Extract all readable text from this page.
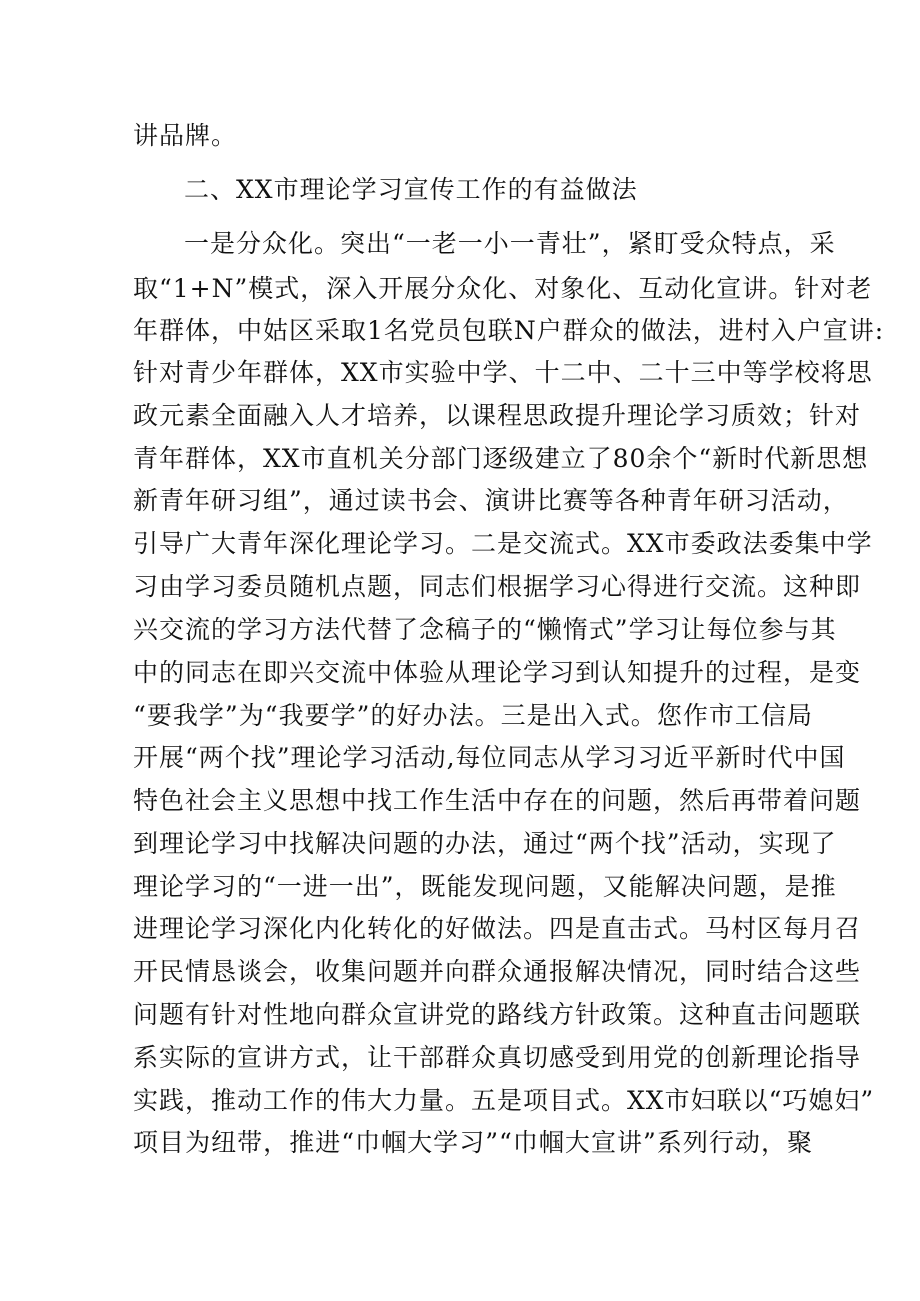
讲品牌。
二、XX市理论学习宣传工作的有益做法
一是分众化。突出“一老一小一青壮”，紧盯受众特点，采
取“1+N”模式，深入开展分众化、对象化、互动化宣讲。针对老
年群体，中姑区采取1名党员包联N户群众的做法，进村入户宣讲:
针对青少年群体，XX市实验中学、十二中、二十三中等学校将思
政元素全面融入人才培养，以课程思政提升理论学习质效；针对
青年群体，XX市直机关分部门逐级建立了80余个“新时代新思想
新青年研习组”，通过读书会、演讲比赛等各种青年研习活动，
引导广大青年深化理论学习。二是交流式。XX市委政法委集中学
习由学习委员随机点题，同志们根据学习心得进行交流。这种即
兴交流的学习方法代替了念稿子的“懒惰式”学习让每位参与其
中的同志在即兴交流中体验从理论学习到认知提升的过程，是变
“要我学”为“我要学”的好办法。三是出入式。您作市工信局
开展“两个找”理论学习活动,每位同志从学习习近平新时代中国
特色社会主义思想中找工作生活中存在的问题，然后再带着问题
到理论学习中找解决问题的办法，通过“两个找”活动，实现了
理论学习的“一进一出”，既能发现问题，又能解决问题，是推
进理论学习深化内化转化的好做法。四是直击式。马村区每月召
开民情恳谈会，收集问题并向群众通报解决情况，同时结合这些
问题有针对性地向群众宣讲党的路线方针政策。这种直击问题联
系实际的宣讲方式，让干部群众真切感受到用党的创新理论指导
实践，推动工作的伟大力量。五是项目式。XX市妇联以“巧媳妇”
项目为纽带，推进“巾帼大学习”“巾帼大宣讲”系列行动，聚
